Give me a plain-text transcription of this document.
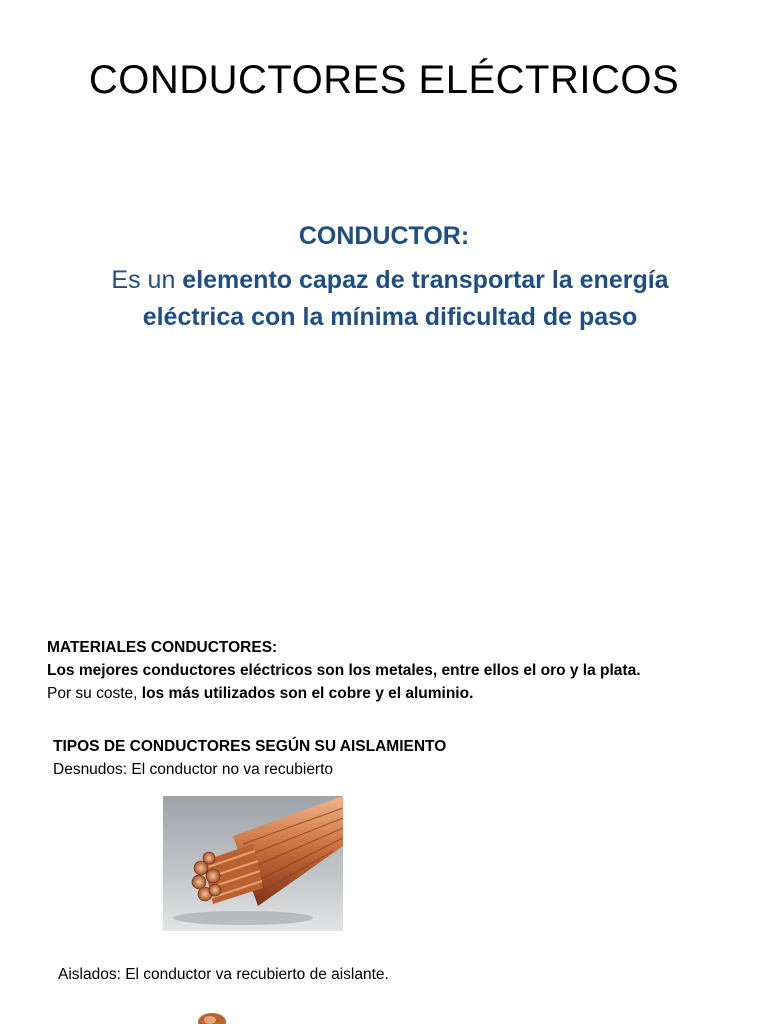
CONDUCTORES ELÉCTRICOS
CONDUCTOR:
Es un elemento capaz de transportar la energía eléctrica con la mínima dificultad de paso
MATERIALES CONDUCTORES:
Los mejores conductores eléctricos son los metales, entre ellos el oro y la plata.
Por su coste, los más utilizados son el cobre y el aluminio.
TIPOS DE CONDUCTORES SEGÚN SU AISLAMIENTO
Desnudos: El conductor no va recubierto
Aislados: El conductor va recubierto de aislante.
